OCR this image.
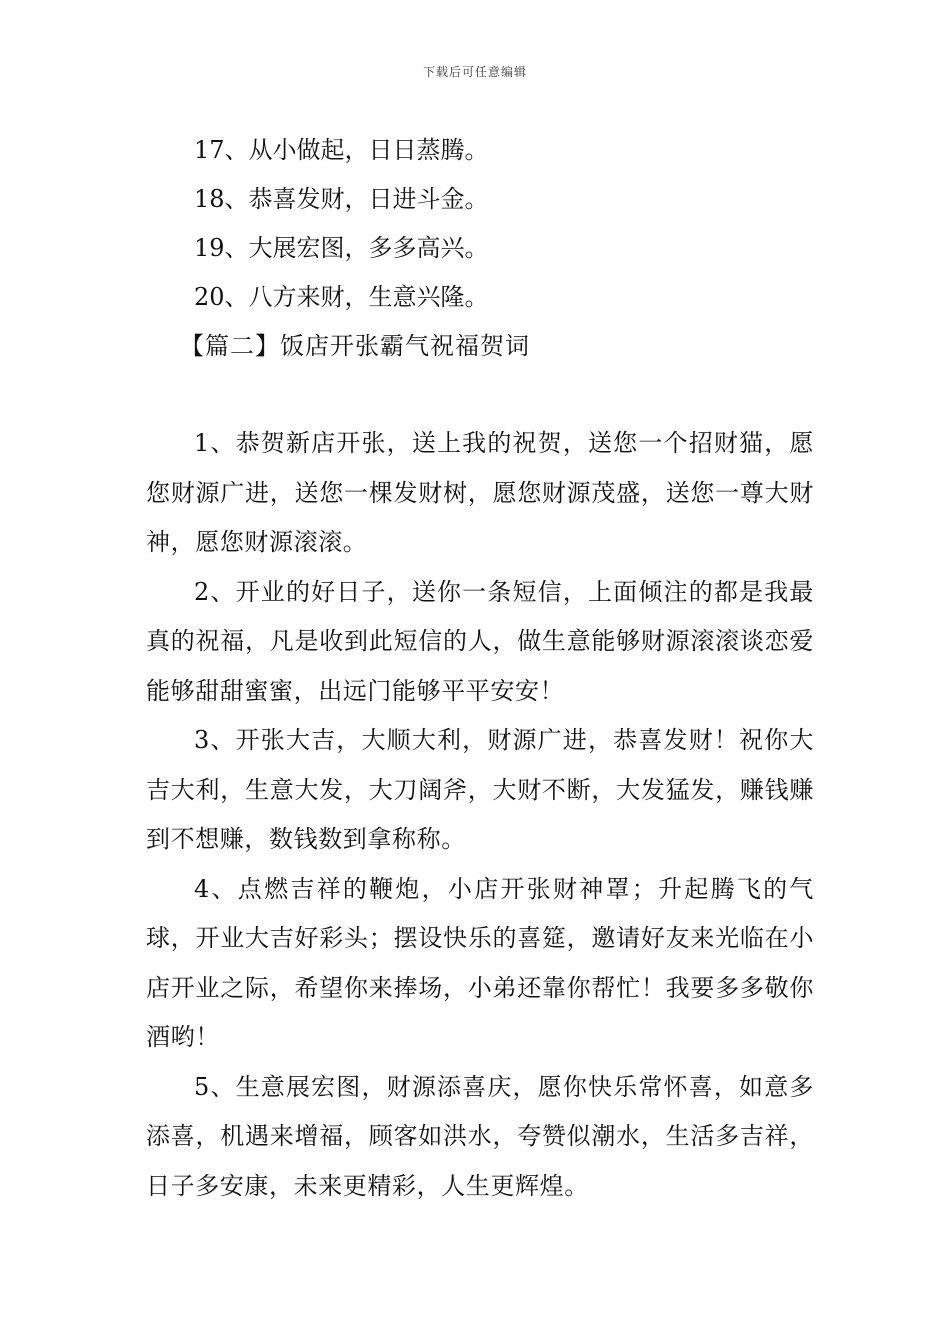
下载后可任意编辑
17、从小做起，日日蒸腾。
18、恭喜发财，日进斗金。
19、大展宏图，多多高兴。
20、八方来财，生意兴隆。
【篇二】饭店开张霸气祝福贺词

1、恭贺新店开张，送上我的祝贺，送您一个招财猫，愿您财源广进，送您一棵发财树，愿您财源茂盛，送您一尊大财神，愿您财源滚滚。

2、开业的好日子，送你一条短信，上面倾注的都是我最真的祝福，凡是收到此短信的人，做生意能够财源滚滚谈恋爱能够甜甜蜜蜜，出远门能够平平安安！

3、开张大吉，大顺大利，财源广进，恭喜发财！祝你大吉大利，生意大发，大刀阔斧，大财不断，大发猛发，赚钱赚到不想赚，数钱数到拿称称。

4、点燃吉祥的鞭炮，小店开张财神罩；升起腾飞的气球，开业大吉好彩头；摆设快乐的喜筵，邀请好友来光临在小店开业之际，希望你来捧场，小弟还靠你帮忙！我要多多敬你酒哟！

5、生意展宏图，财源添喜庆，愿你快乐常怀喜，如意多添喜，机遇来增福，顾客如洪水，夸赞似潮水，生活多吉祥，日子多安康，未来更精彩，人生更辉煌。
